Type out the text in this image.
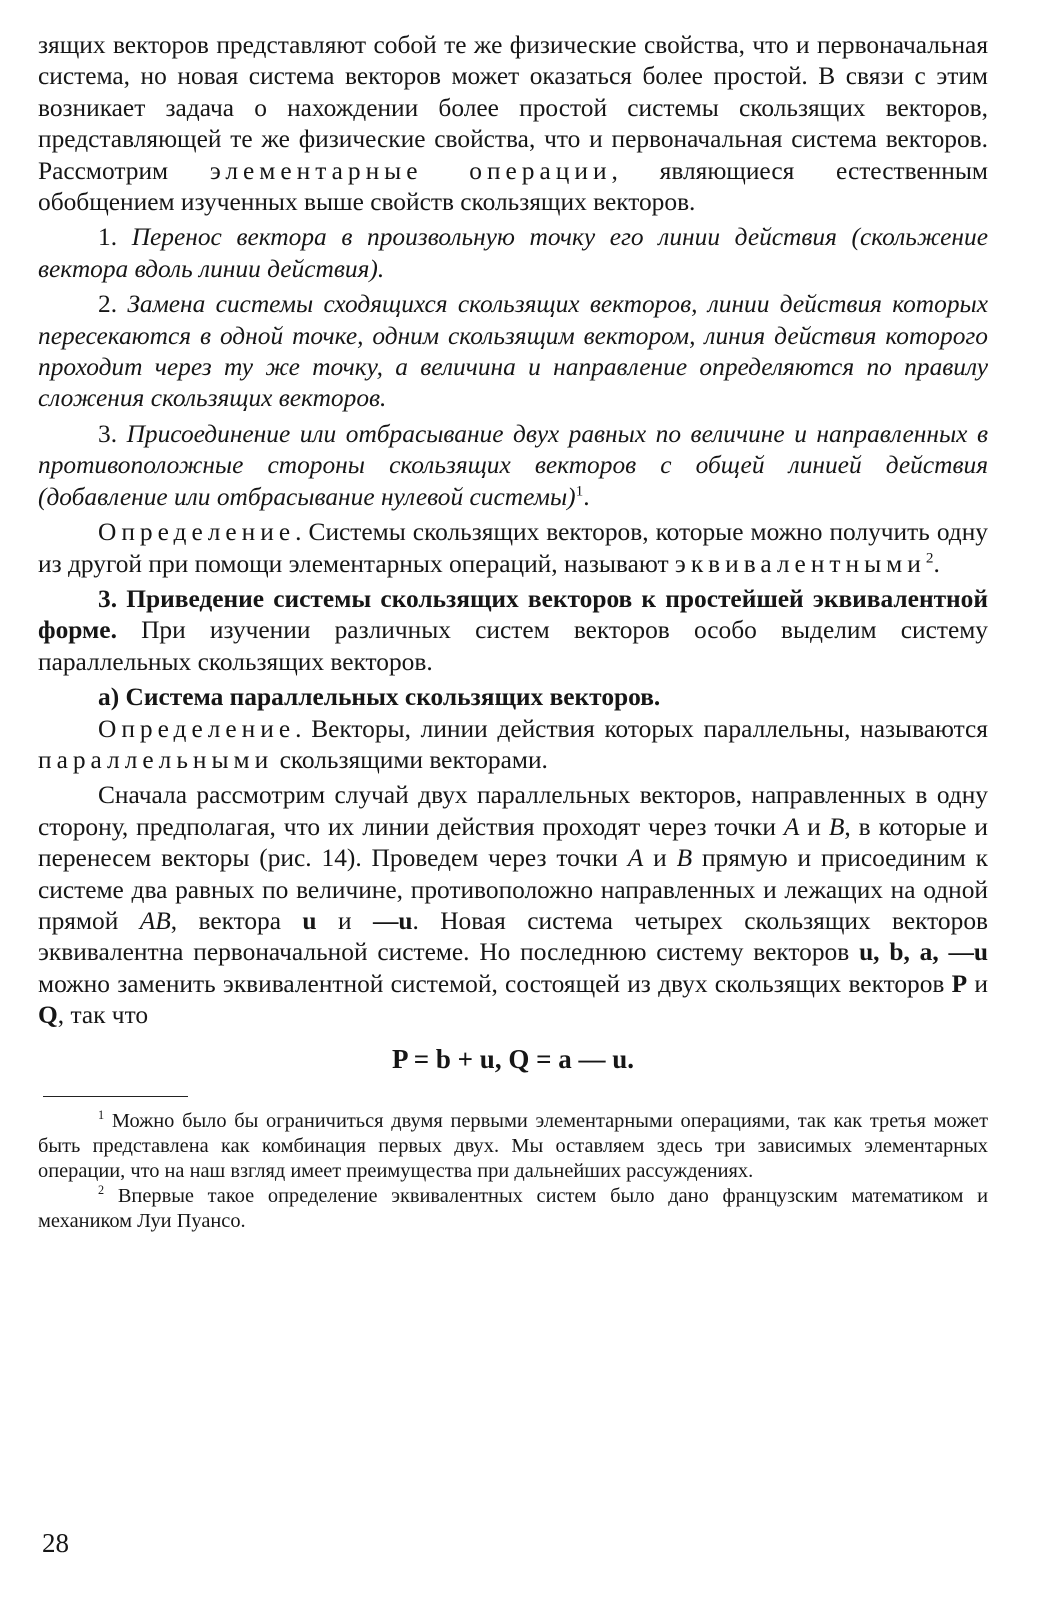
зящих векторов представляют собой те же физические свойства, что и первоначальная система, но новая система векторов может оказаться более простой. В связи с этим возникает задача о нахождении более простой системы скользящих векторов, представляющей те же физические свойства, что и первоначальная система векторов. Рассмотрим элементарные операции, являющиеся естественным обобщением изученных выше свойств скользящих векторов.

1. Перенос вектора в произвольную точку его линии действия (скольжение вектора вдоль линии действия).

2. Замена системы сходящихся скользящих векторов, линии действия которых пересекаются в одной точке, одним скользящим вектором, линия действия которого проходит через ту же точку, а величина и направление определяются по правилу сложения скользящих векторов.

3. Присоединение или отбрасывание двух равных по величине и направленных в противоположные стороны скользящих векторов с общей линией действия (добавление или отбрасывание нулевой системы)$^1$.

Определение. Системы скользящих векторов, которые можно получить одну из другой при помощи элементарных операций, называют эквивалентными$^2$.

3. Приведение системы скользящих векторов к простейшей эквивалентной форме. При изучении различных систем векторов особо выделим систему параллельных скользящих векторов.

а) Система параллельных скользящих векторов.

Определение. Векторы, линии действия которых параллельны, называются параллельными скользящими векторами.

Сначала рассмотрим случай двух параллельных векторов, направленных в одну сторону, предполагая, что их линии действия проходят через точки A и B, в которые и перенесем векторы (рис. 14). Проведем через точки A и B прямую и присоединим к системе два равных по величине, противоположно направленных и лежащих на одной прямой AB, вектора u и —u. Новая система четырех скользящих векторов эквивалентна первоначальной системе. Но последнюю систему векторов u, b, a, —u можно заменить эквивалентной системой, состоящей из двух скользящих векторов P и Q, так что

P = b + u, Q = a — u.

$^1$ Можно было бы ограничиться двумя первыми элементарными операциями, так как третья может быть представлена как комбинация первых двух. Мы оставляем здесь три зависимых элементарных операции, что на наш взгляд имеет преимущества при дальнейших рассуждениях.

$^2$ Впервые такое определение эквивалентных систем было дано французским математиком и механиком Луи Пуансо.

28
